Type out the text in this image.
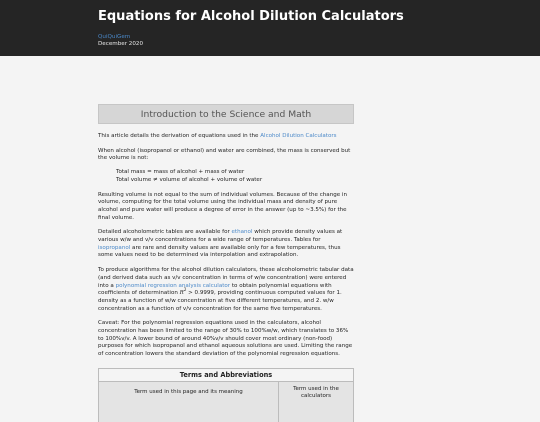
Equations for Alcohol Dilution Calculators
QuiQuiGem
December 2020
Introduction to the Science and Math

This article details the derivation of equations used in the Alcohol Dilution Calculators

When alcohol (isopropanol or ethanol) and water are combined, the mass is conserved but the volume is not:

Total mass = mass of alcohol + mass of water
Total volume ≠ volume of alcohol + volume of water

Resulting volume is not equal to the sum of individual volumes. Because of the change in volume, computing for the total volume using the individual mass and density of pure alcohol and pure water will produce a degree of error in the answer (up to ~3.5%) for the final volume.

Detailed alcoholometric tables are available for ethanol which provide density values at various w/w and v/v concentrations for a wide range of temperatures. Tables for isopropanol are rare and density values are available only for a few temperatures, thus some values need to be determined via interpolation and extrapolation.

To produce algorithms for the alcohol dilution calculators, these alcoholometric tabular data (and derived data such as v/v concentration in terms of w/w concentration) were entered into a polynomial regression analysis calculator to obtain polynomial equations with coefficients of determination $R^2 > 0.9999$, providing continuous computed values for 1. density as a function of w/w concentration at five different temperatures, and 2. w/w concentration as a function of v/v concentration for the same five temperatures.

Caveat: For the polynomial regression equations used in the calculators, alcohol concentration has been limited to the range of 30% to 100%w/w, which translates to 36% to 100%v/v. A lower bound of around 40%v/v should cover most ordinary (non-food) purposes for which isopropanol and ethanol aqueous solutions are used. Limiting the range of concentration lowers the standard deviation of the polynomial regression equations.

Terms and Abbreviations
Term used in this page and its meaning	Term used in the
calculators
